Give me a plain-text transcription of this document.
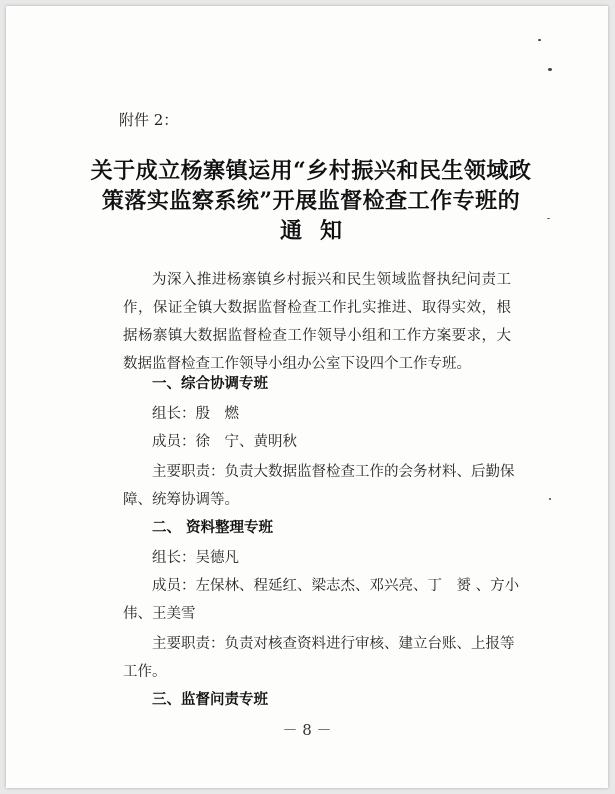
附件 2：
关于成立杨寨镇运用“乡村振兴和民生领域政
策落实监察系统”开展监督检查工作专班的
通知
为深入推进杨寨镇乡村振兴和民生领域监督执纪问责工作，保证全镇大数据监督检查工作扎实推进、取得实效，根据杨寨镇大数据监督检查工作领导小组和工作方案要求，大数据监督检查工作领导小组办公室下设四个工作专班。
一、综合协调专班
组长：殷　燃
成员：徐　宁、黄明秋
主要职责：负责大数据监督检查工作的会务材料、后勤保
障、统筹协调等。
二、 资料整理专班
组长：吴德凡
成员：左保林、程延红、梁志杰、邓兴亮、丁　赟 、方小
伟、王美雪
主要职责：负责对核查资料进行审核、建立台账、上报等
工作。
三、监督问责专班
－ 8 －
